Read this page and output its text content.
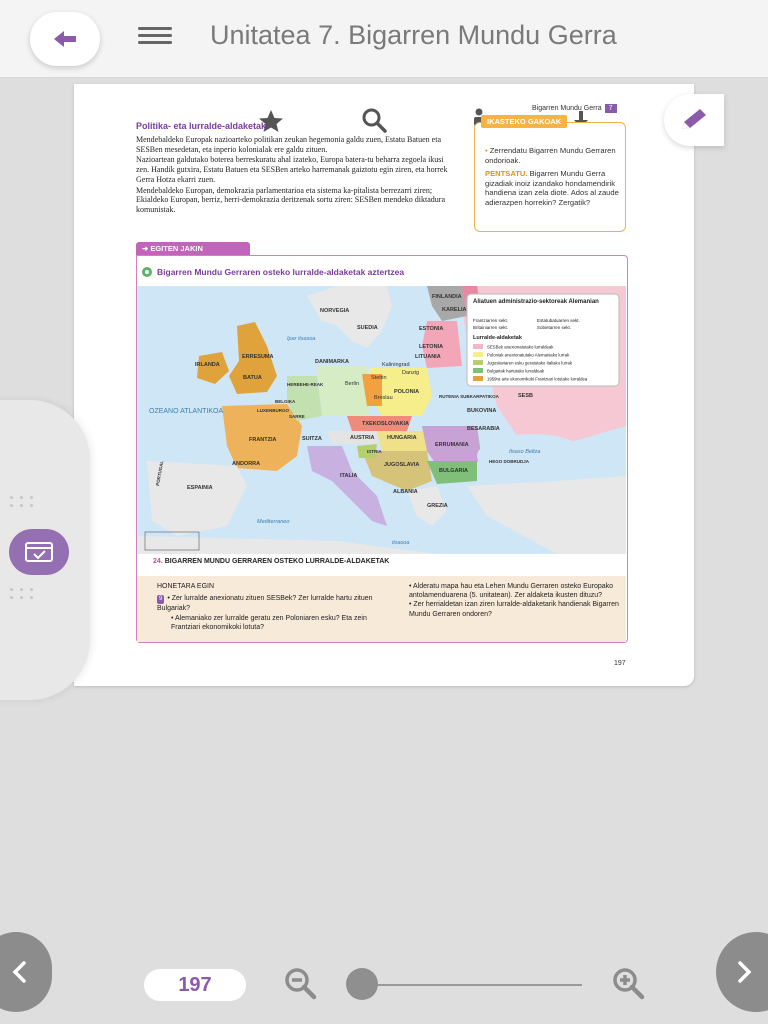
Unitatea 7. Bigarren Mundu Gerra
Bigarren Mundu Gerra 7
Politika- eta lurralde-aldaketak

Mendebaldeko Europak nazioarteko politikan zeukan hegemonia galdu zuen, Estatu Batuen eta SESBen mesedetan, eta inperio kolonialak ere galdu zituen.

Nazioartean galdutako boterea berreskuratu ahal izateko, Europa batera-tu beharra zegoela ikusi zen. Handik gutxira, Estatu Batuen eta SESBen arteko harremanak gaiztotu egin ziren, eta horrek Gerra Hotza ekarri zuen.

Mendebaldeko Europan, demokrazia parlamentarioa eta sistema ka-pitalista berrezarri ziren; Ekialdeko Europan, berriz, herri-demokrazia deritzenak sortu ziren: SESBen mendeko diktadura komunistak.

IKASTEKO GAKOAK
• Zerrendatu Bigarren Mundu Gerraren ondorioak.
PENTSATU. Bigarren Mundu Gerra gizadiak inoiz izandako hondamendirik handiena izan zela diote. Ados al zaude adierazpen horrekin? Zergatik?
➜ EGITEN JAKIN
Bigarren Mundu Gerraren osteko lurralde-aldaketak aztertzea
Aliatuen administrazio-sektoreak Alemanian
Frantziarren sekt.	Estatubatuarren sekt.
Britainiarren sekt.	Sobietarren sekt.
Lurralde-aldaketak
SESBek anexionatutako lurraldeak
Poloniak anexionatutako Alemaniako lurrak
Jugoslaviaren esku geratutako Italiako lurrak
Bulgariak hartutako lurraldeak
1959ra arte ekonomikoki Frantziari lotutako lurraldea
FINLANDIA
KARELIA
NORVEGIA
SUEDIA	ESTONIA
LETONIA
LITUANIA
Kaliningrad
DANIMARKA
Ipar itsasoa
IRLANDA
ERRESUMA
BATUA
HERBEHE-REAK
BELGIKA
LUXENBURGO
SARRE
Berlin
Stettin
Danzig
POLONIA
Breslau
TXEKOSLOVAKIA
OZEANO ATLANTIKOA
FRANTZIA	SUITZA	AUSTRIA HUNGARIA
ERRUMANIA
RUTENIA SUBKARPATIKOA
BUKOVINA
BESARABIA
SESB
Itsaso Beltza
ISTRIA
JUGOSLAVIA
BULGARIA
HEGO DOBRUDJA
ANDORRA
ITALIA
ALBANIA
ESPAINIA
PORTUGAL
GREZIA
Mediterraneo
itsasoa
24. BIGARREN MUNDU GERRAREN OSTEKO LURRALDE-ALDAKETAK
HONETARA EGIN
9 • Zer lurralde anexionatu zituen SESBek? Zer lurralde hartu zituen Bulgariak?
• Alemaniako zer lurralde geratu zen Poloniaren esku? Eta zein Frantziari ekonomikoki lotuta?
• Alderatu mapa hau eta Lehen Mundu Gerraren osteko Europako antolamenduarena (5. unitatean). Zer aldaketa ikusten dituzu?
• Zer herrialdetan izan ziren lurralde-aldaketarik handienak Bigarren Mundu Gerraren ondoren?
197
197
